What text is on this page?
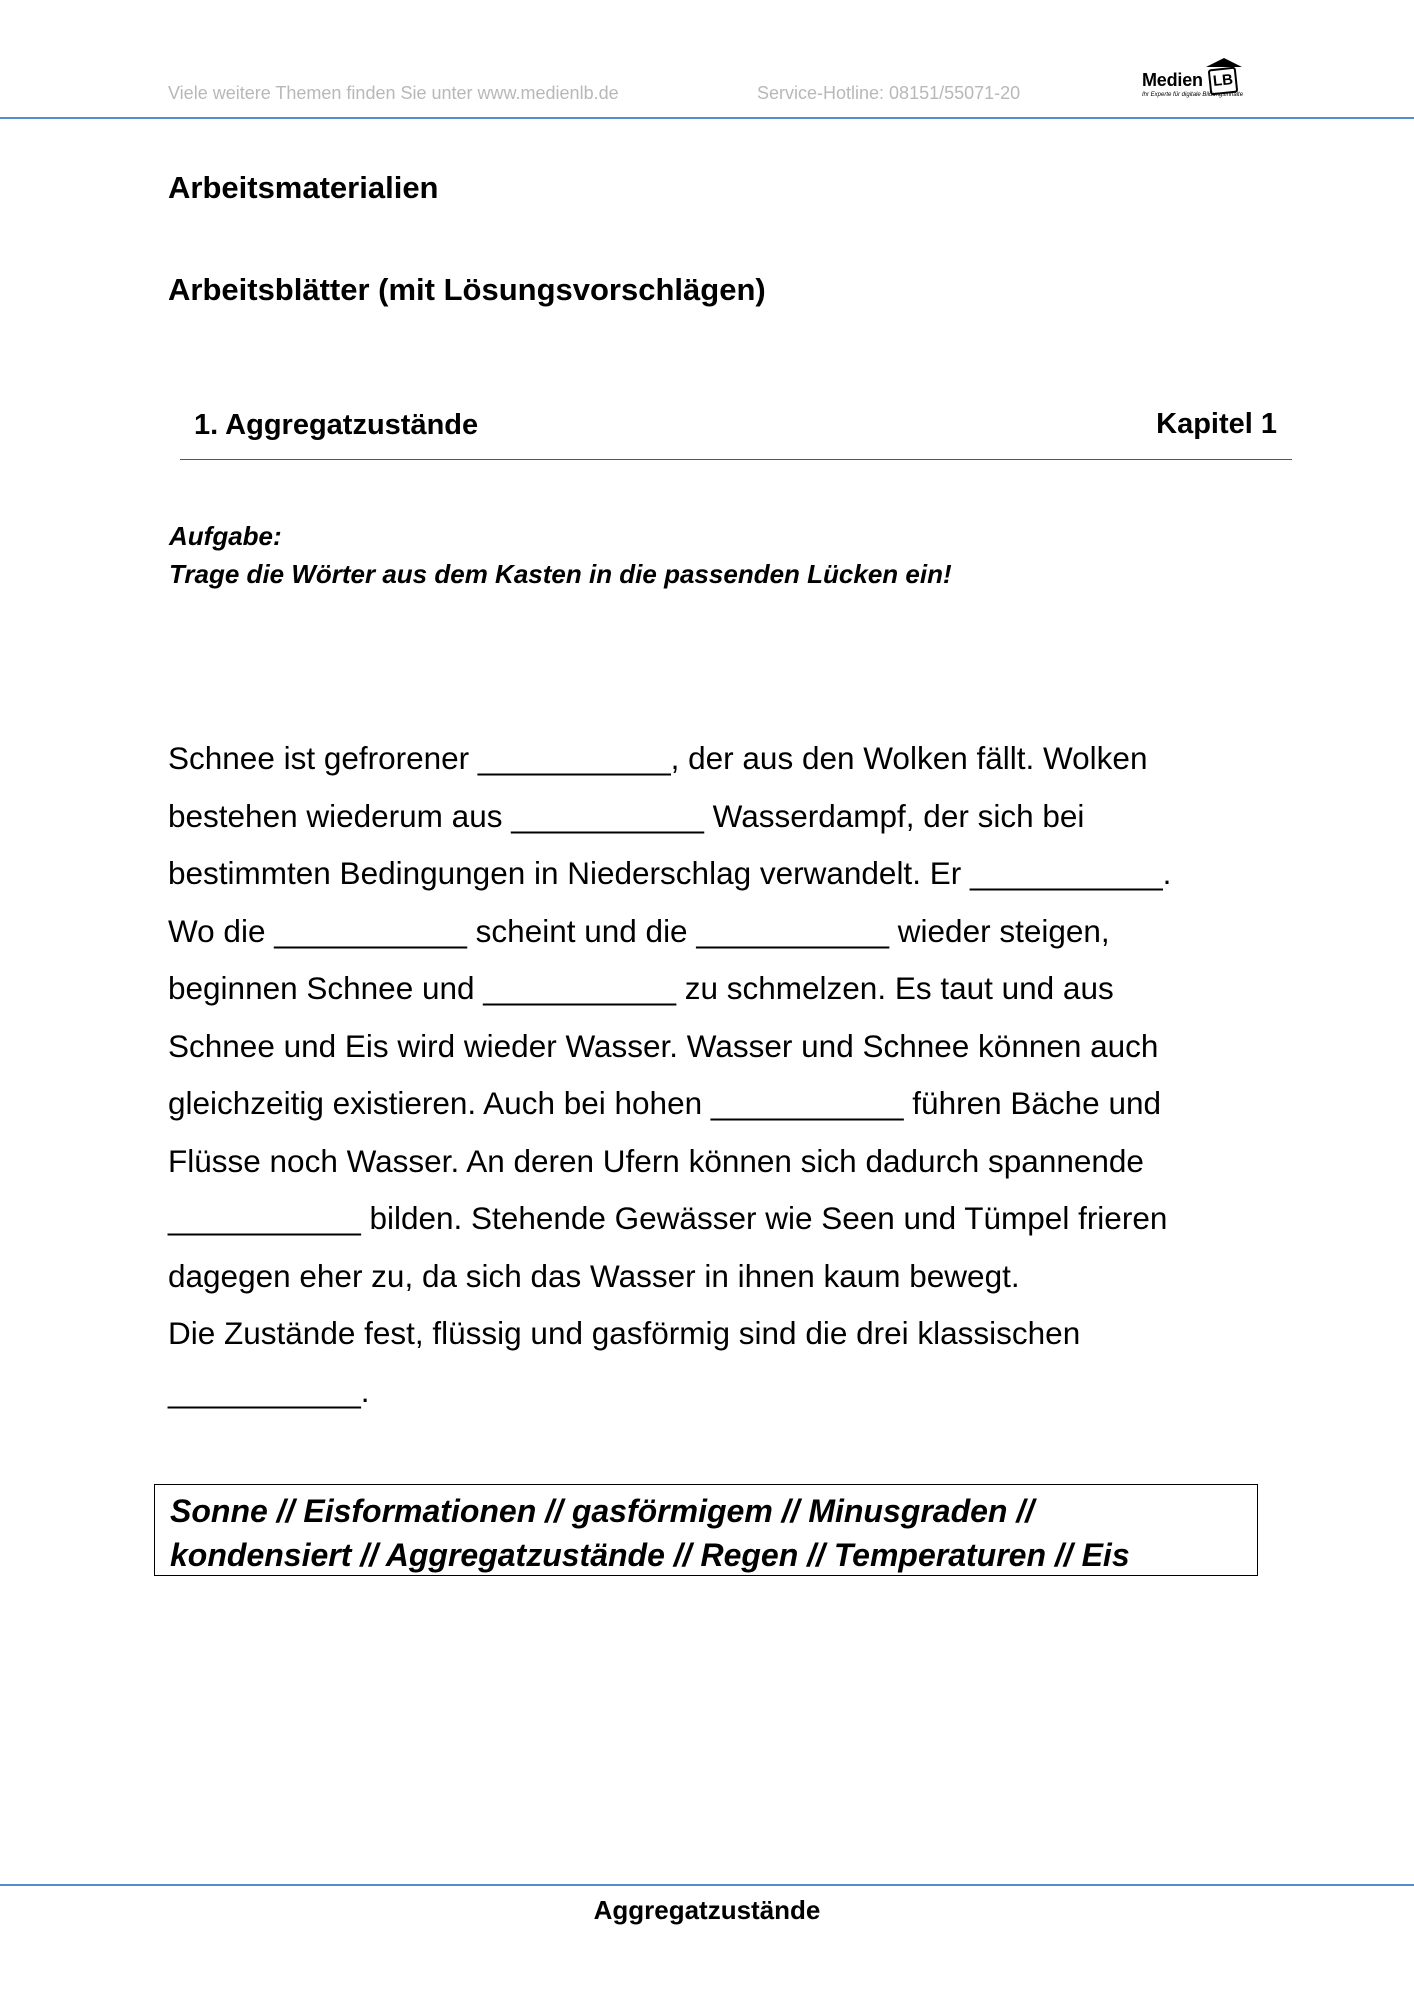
Viele weitere Themen finden Sie unter www.medienlb.de	Service-Hotline: 08151/55071-20
Medien LB
Ihr Experte für digitale Bildungsinhalte
Arbeitsmaterialien
Arbeitsblätter (mit Lösungsvorschlägen)
1. Aggregatzustände	Kapitel 1
Aufgabe:
Trage die Wörter aus dem Kasten in die passenden Lücken ein!
Schnee ist gefrorener ___________, der aus den Wolken fällt. Wolken
bestehen wiederum aus ___________ Wasserdampf, der sich bei
bestimmten Bedingungen in Niederschlag verwandelt. Er ___________.
Wo die ___________ scheint und die ___________ wieder steigen,
beginnen Schnee und ___________ zu schmelzen. Es taut und aus
Schnee und Eis wird wieder Wasser. Wasser und Schnee können auch
gleichzeitig existieren. Auch bei hohen ___________ führen Bäche und
Flüsse noch Wasser. An deren Ufern können sich dadurch spannende
___________ bilden. Stehende Gewässer wie Seen und Tümpel frieren
dagegen eher zu, da sich das Wasser in ihnen kaum bewegt.
Die Zustände fest, flüssig und gasförmig sind die drei klassischen
___________.
Sonne // Eisformationen // gasförmigem // Minusgraden //
kondensiert // Aggregatzustände // Regen // Temperaturen // Eis
Aggregatzustände
